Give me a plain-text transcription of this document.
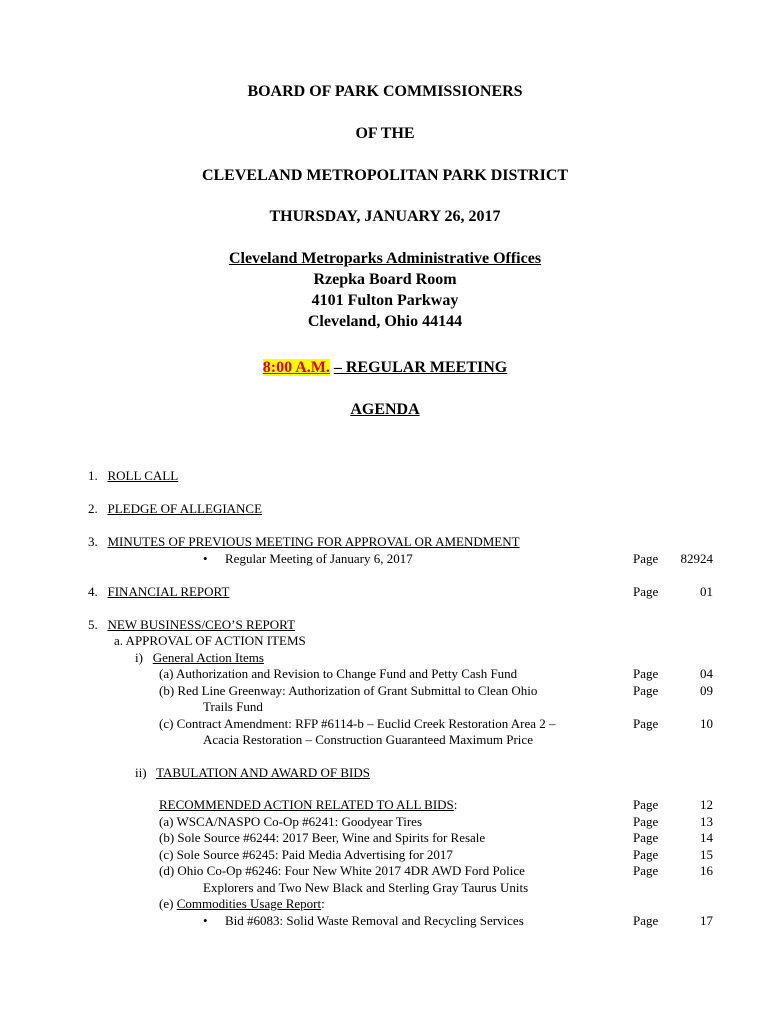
BOARD OF PARK COMMISSIONERS
OF THE
CLEVELAND METROPOLITAN PARK DISTRICT
THURSDAY, JANUARY 26, 2017
Cleveland Metroparks Administrative Offices
Rzepka Board Room
4101 Fulton Parkway
Cleveland, Ohio 44144
8:00 A.M. – REGULAR MEETING
AGENDA
1. ROLL CALL
2. PLEDGE OF ALLEGIANCE
3. MINUTES OF PREVIOUS MEETING FOR APPROVAL OR AMENDMENT
• Regular Meeting of January 6, 2017	Page 82924
4. FINANCIAL REPORT	Page	01
5. NEW BUSINESS/CEO’S REPORT
a. APPROVAL OF ACTION ITEMS
i) General Action Items
(a) Authorization and Revision to Change Fund and Petty Cash Fund	Page	04
(b) Red Line Greenway: Authorization of Grant Submittal to Clean Ohio
Trails Fund
Page	09
(c) Contract Amendment: RFP #6114-b – Euclid Creek Restoration Area 2 –
Acacia Restoration – Construction Guaranteed Maximum Price
Page	10
ii) TABULATION AND AWARD OF BIDS
RECOMMENDED ACTION RELATED TO ALL BIDS:	Page	12
(a) WSCA/NASPO Co-Op #6241: Goodyear Tires	Page	13
(b) Sole Source #6244: 2017 Beer, Wine and Spirits for Resale	Page	14
(c) Sole Source #6245: Paid Media Advertising for 2017	Page	15
(d) Ohio Co-Op #6246: Four New White 2017 4DR AWD Ford Police
Explorers and Two New Black and Sterling Gray Taurus Units
Page	16
(e) Commodities Usage Report:
• Bid #6083: Solid Waste Removal and Recycling Services	Page	17
